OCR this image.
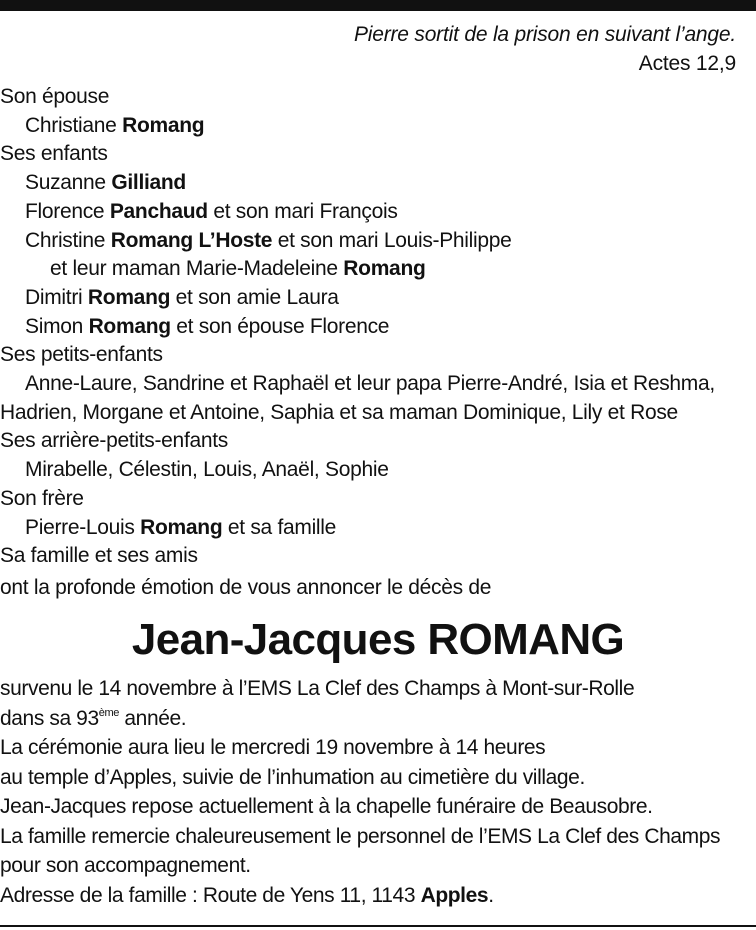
Pierre sortit de la prison en suivant l’ange.
Actes 12,9
Son épouse
Christiane Romang
Ses enfants
Suzanne Gilliand
Florence Panchaud et son mari François
Christine Romang L’Hoste et son mari Louis-Philippe
et leur maman Marie-Madeleine Romang
Dimitri Romang et son amie Laura
Simon Romang et son épouse Florence
Ses petits-enfants
Anne-Laure, Sandrine et Raphaël et leur papa Pierre-André, Isia et Reshma,
Hadrien, Morgane et Antoine, Saphia et sa maman Dominique, Lily et Rose
Ses arrière-petits-enfants
Mirabelle, Célestin, Louis, Anaël, Sophie
Son frère
Pierre-Louis Romang et sa famille
Sa famille et ses amis
ont la profonde émotion de vous annoncer le décès de
Jean-Jacques ROMANG
survenu le 14 novembre à l’EMS La Clef des Champs à Mont-sur-Rolle
dans sa 93ème année.
La cérémonie aura lieu le mercredi 19 novembre à 14 heures
au temple d’Apples, suivie de l’inhumation au cimetière du village.
Jean-Jacques repose actuellement à la chapelle funéraire de Beausobre.
La famille remercie chaleureusement le personnel de l’EMS La Clef des Champs
pour son accompagnement.
Adresse de la famille : Route de Yens 11, 1143 Apples.
